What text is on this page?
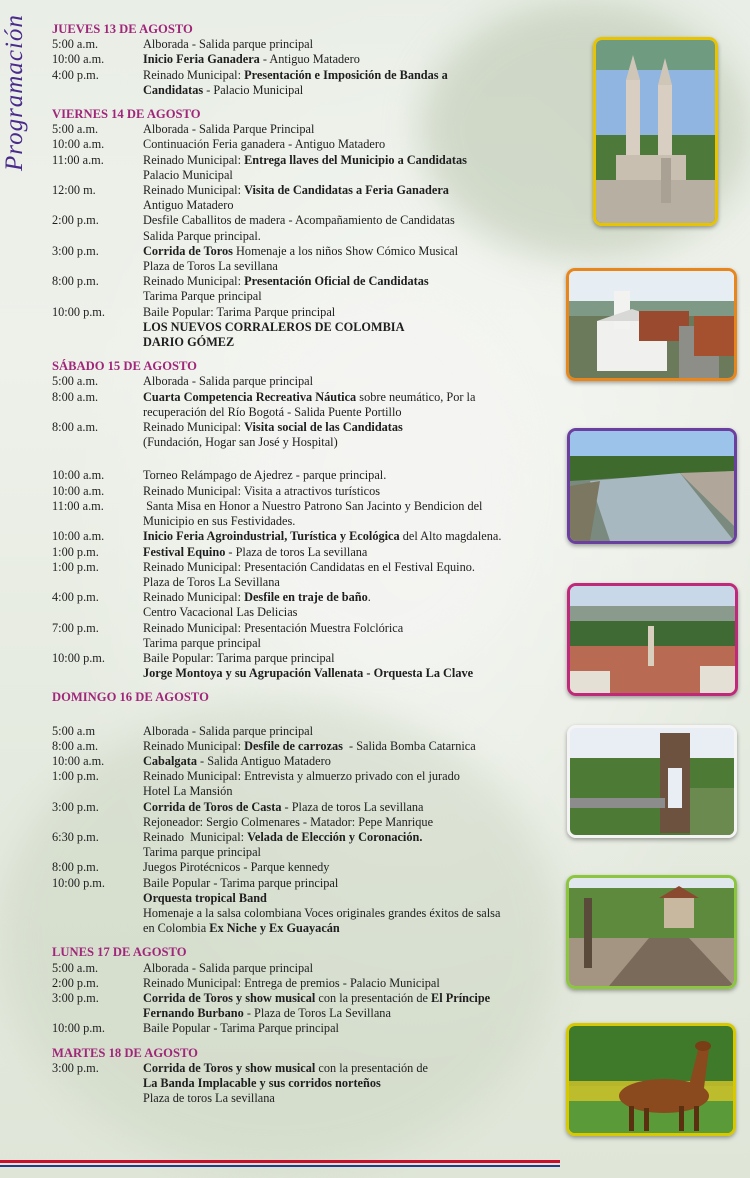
Programación JUEVES 13 DE AGOSTO
5:00 a.m.	Alborada - Salida parque principal
10:00 a.m.	Inicio Feria Ganadera - Antiguo Matadero
4:00 p.m.	Reinado Municipal: Presentación e Imposición de Bandas a
Candidatas - Palacio Municipal
VIERNES 14 DE AGOSTO
5:00 a.m.	Alborada - Salida Parque Principal
10:00 a.m.	Continuación Feria ganadera - Antiguo Matadero
11:00 a.m.	Reinado Municipal: Entrega llaves del Municipio a Candidatas
Palacio Municipal
12:00 m.	Reinado Municipal: Visita de Candidatas a Feria Ganadera
Antiguo Matadero
2:00 p.m.	Desfile Caballitos de madera - Acompañamiento de Candidatas
Salida Parque principal.
3:00 p.m.	Corrida de Toros Homenaje a los niños Show Cómico Musical
Plaza de Toros La sevillana
8:00 p.m.	Reinado Municipal: Presentación Oficial de Candidatas
Tarima Parque principal
10:00 p.m.	Baile Popular: Tarima Parque principal
LOS NUEVOS CORRALEROS DE COLOMBIA
DARIO GÓMEZ
SÁBADO 15 DE AGOSTO
5:00 a.m.	Alborada - Salida parque principal
8:00 a.m.	Cuarta Competencia Recreativa Náutica sobre neumático, Por la
recuperación del Río Bogotá - Salida Puente Portillo
8:00 a.m.	Reinado Municipal: Visita social de las Candidatas
(Fundación, Hogar san José y Hospital)
10:00 a.m.	Torneo Relámpago de Ajedrez - parque principal.
10:00 a.m.	Reinado Municipal: Visita a atractivos turísticos
11:00 a.m.	Santa Misa en Honor a Nuestro Patrono San Jacinto y Bendicion del
Municipio en sus Festividades.
10:00 a.m.	Inicio Feria Agroindustrial, Turística y Ecológica del Alto magdalena.
1:00 p.m.	Festival Equino - Plaza de toros La sevillana
1:00 p.m.	Reinado Municipal: Presentación Candidatas en el Festival Equino.
Plaza de Toros La Sevillana
4:00 p.m.	Reinado Municipal: Desfile en traje de baño.
Centro Vacacional Las Delicias
7:00 p.m.	Reinado Municipal: Presentación Muestra Folclórica
Tarima parque principal
10:00 p.m.	Baile Popular: Tarima parque principal
Jorge Montoya y su Agrupación Vallenata - Orquesta La Clave
DOMINGO 16 DE AGOSTO
5:00 a.m	Alborada - Salida parque principal
8:00 a.m.	Reinado Municipal: Desfile de carrozas  - Salida Bomba Catarnica
10:00 a.m.	Cabalgata - Salida Antiguo Matadero
1:00 p.m.	Reinado Municipal: Entrevista y almuerzo privado con el jurado
Hotel La Mansión
3:00 p.m.	Corrida de Toros de Casta - Plaza de toros La sevillana
Rejoneador: Sergio Colmenares - Matador: Pepe Manrique
6:30 p.m.	Reinado  Municipal: Velada de Elección y Coronación.
Tarima parque principal
8:00 p.m.	Juegos Pirotécnicos - Parque kennedy
10:00 p.m.	Baile Popular - Tarima parque principal
Orquesta tropical Band
Homenaje a la salsa colombiana Voces originales grandes éxitos de salsa
en Colombia Ex Niche y Ex Guayacán
LUNES 17 DE AGOSTO
5:00 a.m.	Alborada - Salida parque principal
2:00 p.m.	Reinado Municipal: Entrega de premios - Palacio Municipal
3:00 p.m.	Corrida de Toros y show musical con la presentación de El Príncipe
Fernando Burbano - Plaza de Toros La Sevillana
10:00 p.m.	Baile Popular - Tarima Parque principal
MARTES 18 DE AGOSTO
3:00 p.m.	Corrida de Toros y show musical con la presentación de
La Banda Implacable y sus corridos norteños
Plaza de toros La sevillana
